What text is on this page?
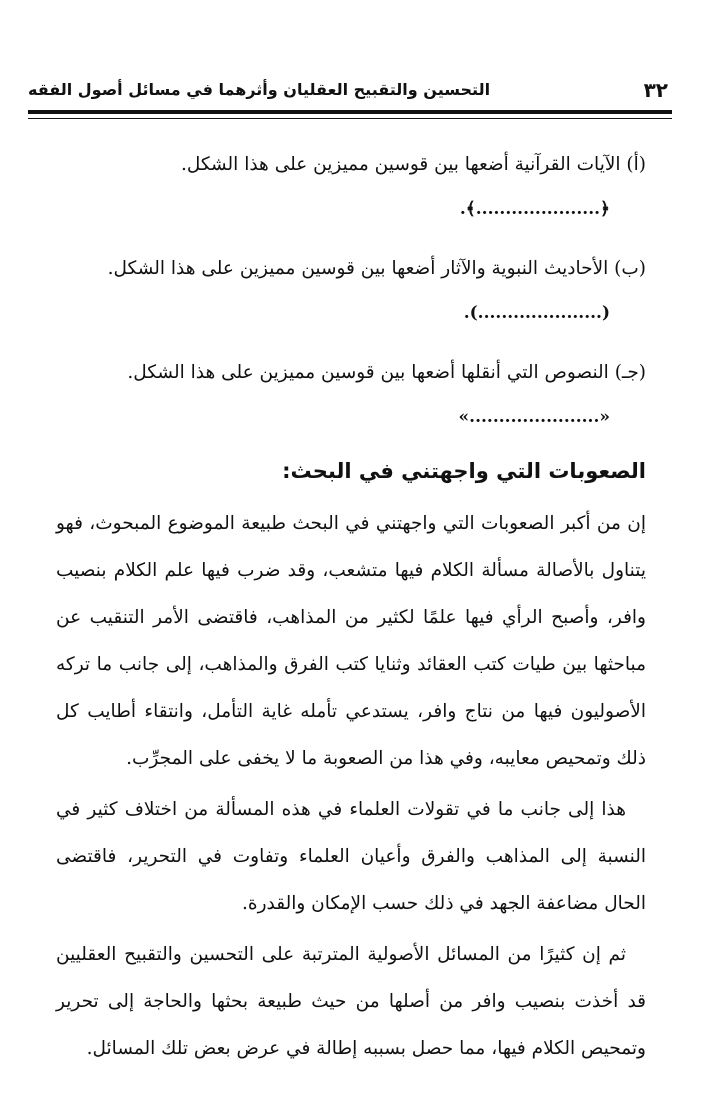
٣٢
التحسين والتقبيح العقليان وأثرهما في مسائل أصول الفقه
(أ) الآيات القرآنية أضعها بين قوسين مميزين على هذا الشكل.
﴿.....................﴾.
(ب) الأحاديث النبوية والآثار أضعها بين قوسين مميزين على هذا الشكل.
(.....................).
(جـ) النصوص التي أنقلها أضعها بين قوسين مميزين على هذا الشكل.
«......................»
الصعوبات التي واجهتني في البحث:

إن من أكبر الصعوبات التي واجهتني في البحث طبيعة الموضوع المبحوث، فهو يتناول بالأصالة مسألة الكلام فيها متشعب، وقد ضرب فيها علم الكلام بنصيب وافر، وأصبح الرأي فيها علمًا لكثير من المذاهب، فاقتضى الأمر التنقيب عن مباحثها بين طيات كتب العقائد وثنايا كتب الفرق والمذاهب، إلى جانب ما تركه الأصوليون فيها من نتاج وافر، يستدعي تأمله غاية التأمل، وانتقاء أطايب كل ذلك وتمحيص معايبه، وفي هذا من الصعوبة ما لا يخفى على المجرِّب.

هذا إلى جانب ما في تقولات العلماء في هذه المسألة من اختلاف كثير في النسبة إلى المذاهب والفرق وأعيان العلماء وتفاوت في التحرير، فاقتضى الحال مضاعفة الجهد في ذلك حسب الإمكان والقدرة.

ثم إن كثيرًا من المسائل الأصولية المترتبة على التحسين والتقبيح العقليين قد أخذت بنصيب وافر من أصلها من حيث طبيعة بحثها والحاجة إلى تحرير وتمحيص الكلام فيها، مما حصل بسببه إطالة في عرض بعض تلك المسائل.
